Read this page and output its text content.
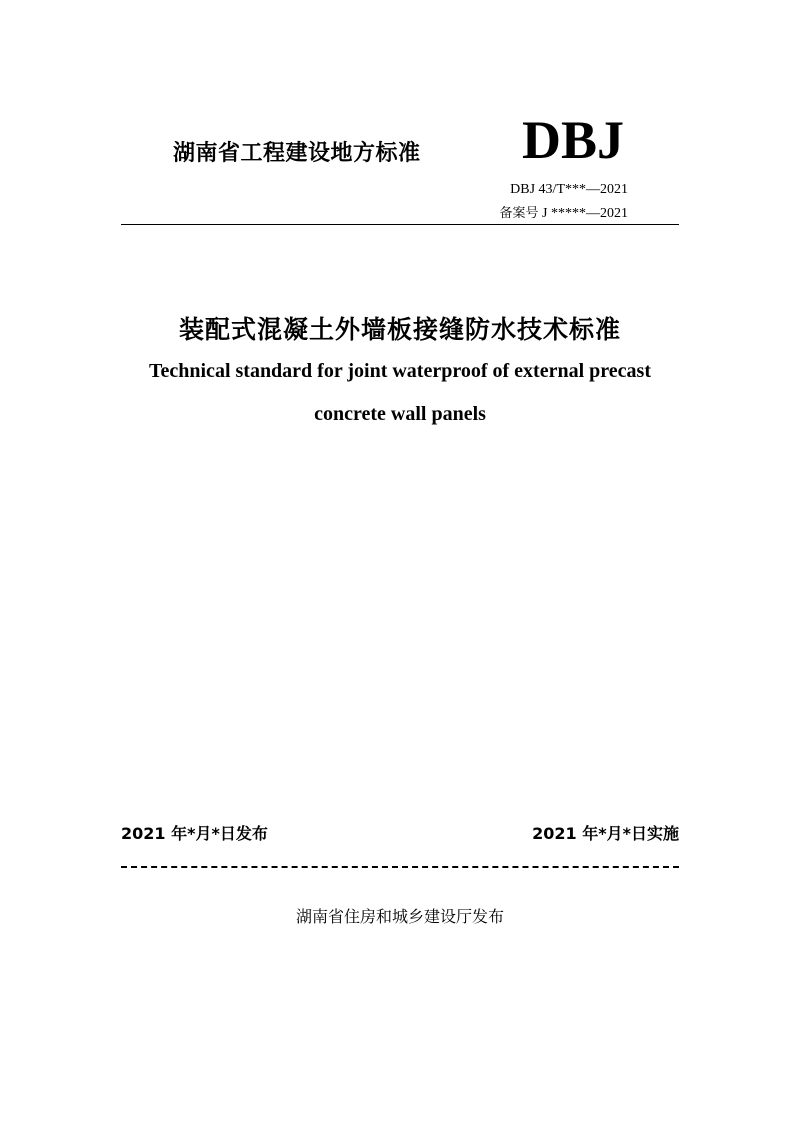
湖南省工程建设地方标准 DBJ
DBJ 43/T***—2021
备案号 J *****—2021
装配式混凝土外墙板接缝防水技术标准
Technical standard for joint waterproof of external precast
concrete wall panels
2021 年*月*日发布	2021 年*月*日实施
湖南省住房和城乡建设厅发布
